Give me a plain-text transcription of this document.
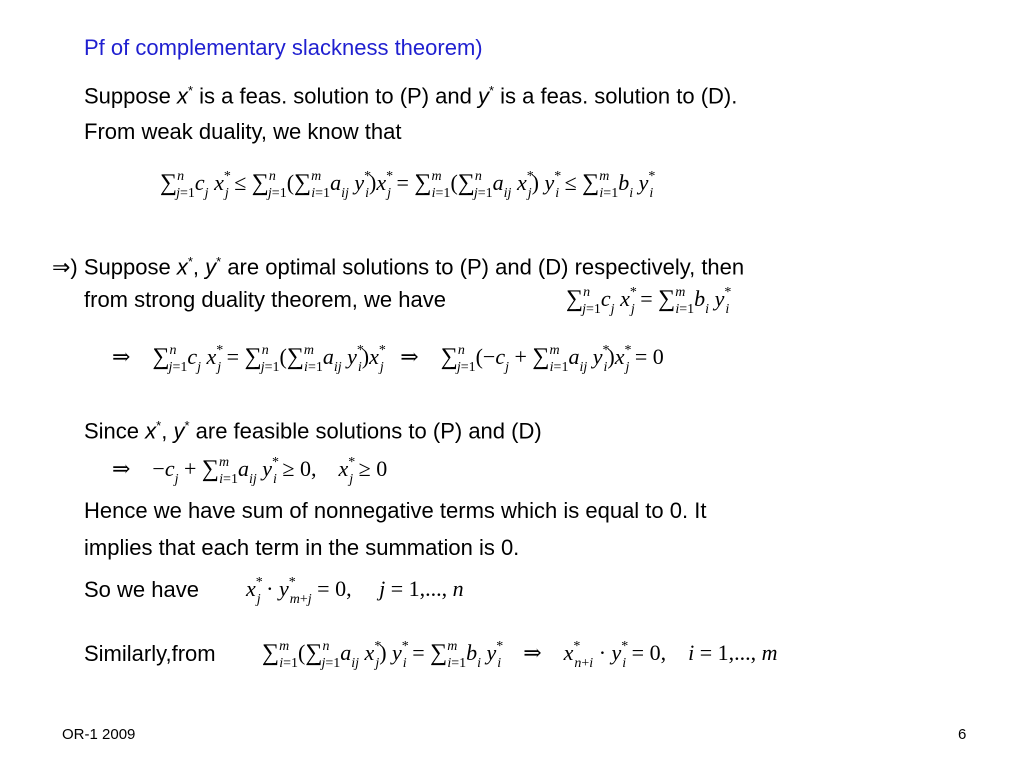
Pf of complementary slackness theorem)
Suppose x* is a feas. solution to (P) and y* is a feas. solution to (D).
From weak duality, we know that
$\sum^n_{j=1}c_j$ $x^*_j \le \sum^n_{j=1}(\sum^m_{i=1}a_{ij}$ $y^*_i)x^*_j = \sum^m_{i=1}(\sum^n_{j=1}a_{ij}$ $x^*_j$) $y^*_i \le \sum^m_{i=1}b_i$ $y^*_i$
⇒) Suppose x*, y* are optimal solutions to (P) and (D) respectively, then
from strong duality theorem, we have	$\sum^n_{j=1}c_j$ $x^*_j = \sum^m_{i=1}b_i$ $y^*_i$
⇒    $\sum^n_{j=1}c_j$ $x^*_j = \sum^n_{j=1}(\sum^m_{i=1}a_{ij}$ $y^*_i)x^*_j$   ⇒    $\sum^n_{j=1}(-c_j + \sum^m_{i=1}a_{ij}$ $y^*_i)x^*_j = 0$
Since x*, y* are feasible solutions to (P) and (D)
⇒    $-c_j + \sum^m_{i=1}a_{ij}$ $y^*_i \ge 0$,    $x^*_j \ge 0$
Hence we have sum of nonnegative terms which is equal to 0. It
implies that each term in the summation is 0.
So we have $x^*_j \cdot y^*_{m+j} = 0$,     j = 1,..., n
Similarly,from $\sum^m_{i=1}(\sum^n_{j=1}a_{ij}$ $x^*_j$) $y^*_i = \sum^m_{i=1}b_i$ $y^*_i$    ⇒    $x^*_{n+i} \cdot y^*_i = 0$,    i = 1,..., m
OR-1 2009	6
